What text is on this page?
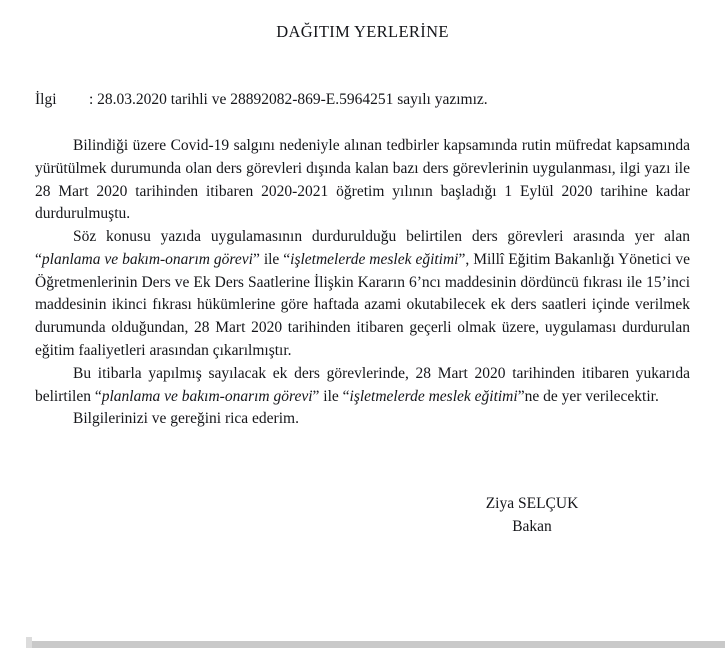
DAĞITIM YERLERİNE
İlgi	: 28.03.2020 tarihli ve 28892082-869-E.5964251 sayılı yazımız.

Bilindiği üzere Covid-19 salgını nedeniyle alınan tedbirler kapsamında rutin müfredat kapsamında yürütülmek durumunda olan ders görevleri dışında kalan bazı ders görevlerinin uygulanması, ilgi yazı ile 28 Mart 2020 tarihinden itibaren 2020-2021 öğretim yılının başladığı 1 Eylül 2020 tarihine kadar durdurulmuştu.

Söz konusu yazıda uygulamasının durdurulduğu belirtilen ders görevleri arasında yer alan “planlama ve bakım-onarım görevi” ile “işletmelerde meslek eğitimi”, Millî Eğitim Bakanlığı Yönetici ve Öğretmenlerinin Ders ve Ek Ders Saatlerine İlişkin Kararın 6’ncı maddesinin dördüncü fıkrası ile 15’inci maddesinin ikinci fıkrası hükümlerine göre haftada azami okutabilecek ek ders saatleri içinde verilmek durumunda olduğundan, 28 Mart 2020 tarihinden itibaren geçerli olmak üzere, uygulaması durdurulan eğitim faaliyetleri arasından çıkarılmıştır.

Bu itibarla yapılmış sayılacak ek ders görevlerinde, 28 Mart 2020 tarihinden itibaren yukarıda belirtilen “planlama ve bakım-onarım görevi” ile “işletmelerde meslek eğitimi”ne de yer verilecektir.

Bilgilerinizi ve gereğini rica ederim.

Ziya SELÇUK
Bakan
